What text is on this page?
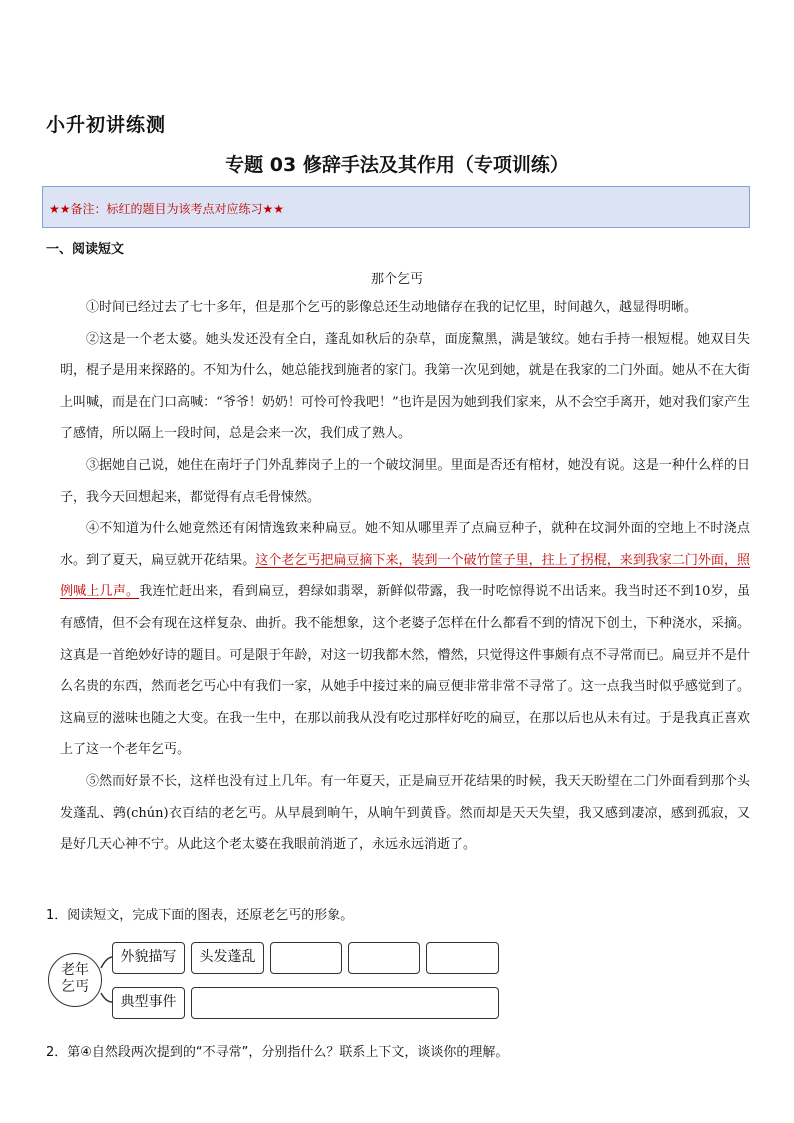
小升初讲练测
专题 03 修辞手法及其作用（专项训练）
★★备注：标红的题目为该考点对应练习★★
一、阅读短文
那个乞丐

①时间已经过去了七十多年，但是那个乞丐的影像总还生动地储存在我的记忆里，时间越久，越显得明晰。

②这是一个老太婆。她头发还没有全白，蓬乱如秋后的杂草，面庞黧黑，满是皱纹。她右手持一根短棍。她双目失明，棍子是用来探路的。不知为什么，她总能找到施者的家门。我第一次见到她，就是在我家的二门外面。她从不在大街上叫喊，而是在门口高喊：“爷爷！奶奶！可怜可怜我吧！”也许是因为她到我们家来，从不会空手离开，她对我们家产生了感情，所以隔上一段时间，总是会来一次，我们成了熟人。

③据她自己说，她住在南圩子门外乱葬岗子上的一个破坟洞里。里面是否还有棺材，她没有说。这是一种什么样的日子，我今天回想起来，都觉得有点毛骨悚然。

④不知道为什么她竟然还有闲情逸致来种扁豆。她不知从哪里弄了点扁豆种子，就种在坟洞外面的空地上不时浇点水。到了夏天，扁豆就开花结果。这个老乞丐把扁豆摘下来，装到一个破竹筐子里，拄上了拐棍，来到我家二门外面，照例喊上几声。我连忙赶出来，看到扁豆，碧绿如翡翠，新鲜似带露，我一时吃惊得说不出话来。我当时还不到10岁，虽有感情，但不会有现在这样复杂、曲折。我不能想象，这个老婆子怎样在什么都看不到的情况下创土，下种浇水，采摘。这真是一首绝妙好诗的题目。可是限于年龄，对这一切我都木然，懵然，只觉得这件事颇有点不寻常而已。扁豆并不是什么名贵的东西，然而老乞丐心中有我们一家，从她手中接过来的扁豆便非常非常不寻常了。这一点我当时似乎感觉到了。这扁豆的滋味也随之大变。在我一生中，在那以前我从没有吃过那样好吃的扁豆，在那以后也从未有过。于是我真正喜欢上了这一个老年乞丐。

⑤然而好景不长，这样也没有过上几年。有一年夏天，正是扁豆开花结果的时候，我天天盼望在二门外面看到那个头发蓬乱、鹑(chún)衣百结的老乞丐。从早晨到晌午，从晌午到黄昏。然而却是天天失望，我又感到凄凉，感到孤寂，又是好几天心神不宁。从此这个老太婆在我眼前消逝了，永远永远消逝了。

1．阅读短文，完成下面的图表，还原老乞丐的形象。
老年
乞丐
外貌描写	头发蓬乱
典型事件
2．第④自然段两次提到的“不寻常”，分别指什么？联系上下文，谈谈你的理解。
